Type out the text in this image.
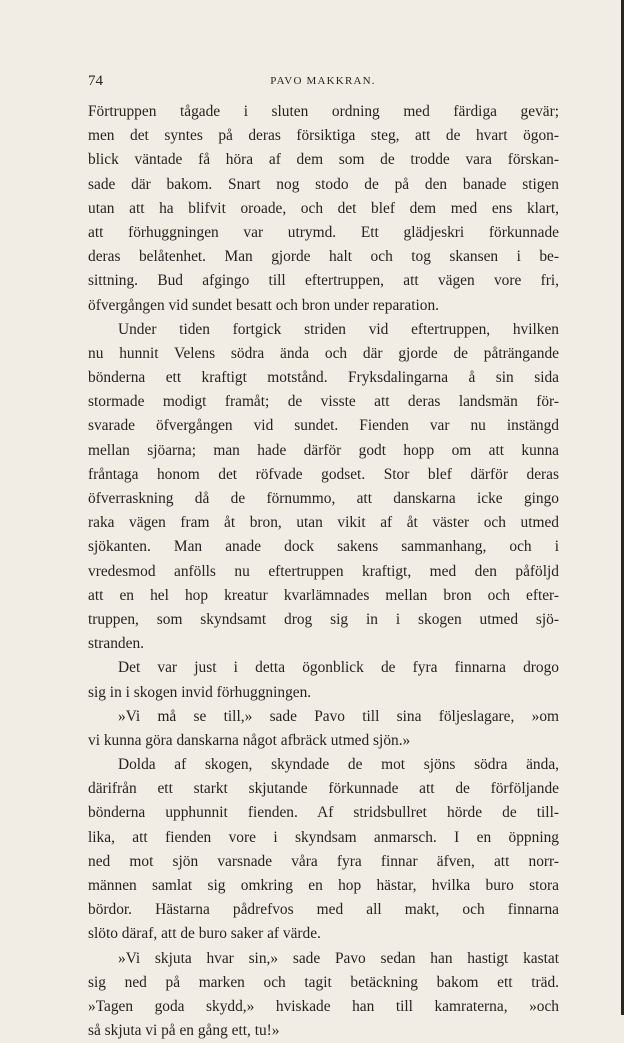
74	PAVO MAKKRAN.
Förtruppen tågade i sluten ordning med färdiga gevär;
men det syntes på deras försiktiga steg, att de hvart ögon-
blick väntade få höra af dem som de trodde vara förskan-
sade där bakom. Snart nog stodo de på den banade stigen
utan att ha blifvit oroade, och det blef dem med ens klart,
att förhuggningen var utrymd. Ett glädjeskri förkunnade
deras belåtenhet. Man gjorde halt och tog skansen i be-
sittning. Bud afgingo till eftertruppen, att vägen vore fri,
öfvergången vid sundet besatt och bron under reparation.
Under tiden fortgick striden vid eftertruppen, hvilken
nu hunnit Velens södra ända och där gjorde de påträngande
bönderna ett kraftigt motstånd. Fryksdalingarna å sin sida
stormade modigt framåt; de visste att deras landsmän för-
svarade öfvergången vid sundet. Fienden var nu instängd
mellan sjöarna; man hade därför godt hopp om att kunna
fråntaga honom det röfvade godset. Stor blef därför deras
öfverraskning då de förnummo, att danskarna icke gingo
raka vägen fram åt bron, utan vikit af åt väster och utmed
sjökanten. Man anade dock sakens sammanhang, och i
vredesmod anfölls nu eftertruppen kraftigt, med den påföljd
att en hel hop kreatur kvarlämnades mellan bron och efter-
truppen, som skyndsamt drog sig in i skogen utmed sjö-
stranden.
Det var just i detta ögonblick de fyra finnarna drogo
sig in i skogen invid förhuggningen.
»Vi må se till,» sade Pavo till sina följeslagare, »om
vi kunna göra danskarna något afbräck utmed sjön.»
Dolda af skogen, skyndade de mot sjöns södra ända,
därifrån ett starkt skjutande förkunnade att de förföljande
bönderna upphunnit fienden. Af stridsbullret hörde de till-
lika, att fienden vore i skyndsam anmarsch. I en öppning
ned mot sjön varsnade våra fyra finnar äfven, att norr-
männen samlat sig omkring en hop hästar, hvilka buro stora
bördor. Hästarna pådrefvos med all makt, och finnarna
slöto däraf, att de buro saker af värde.
»Vi skjuta hvar sin,» sade Pavo sedan han hastigt kastat
sig ned på marken och tagit betäckning bakom ett träd.
»Tagen goda skydd,» hviskade han till kamraterna, »och
så skjuta vi på en gång ett, tu!»
